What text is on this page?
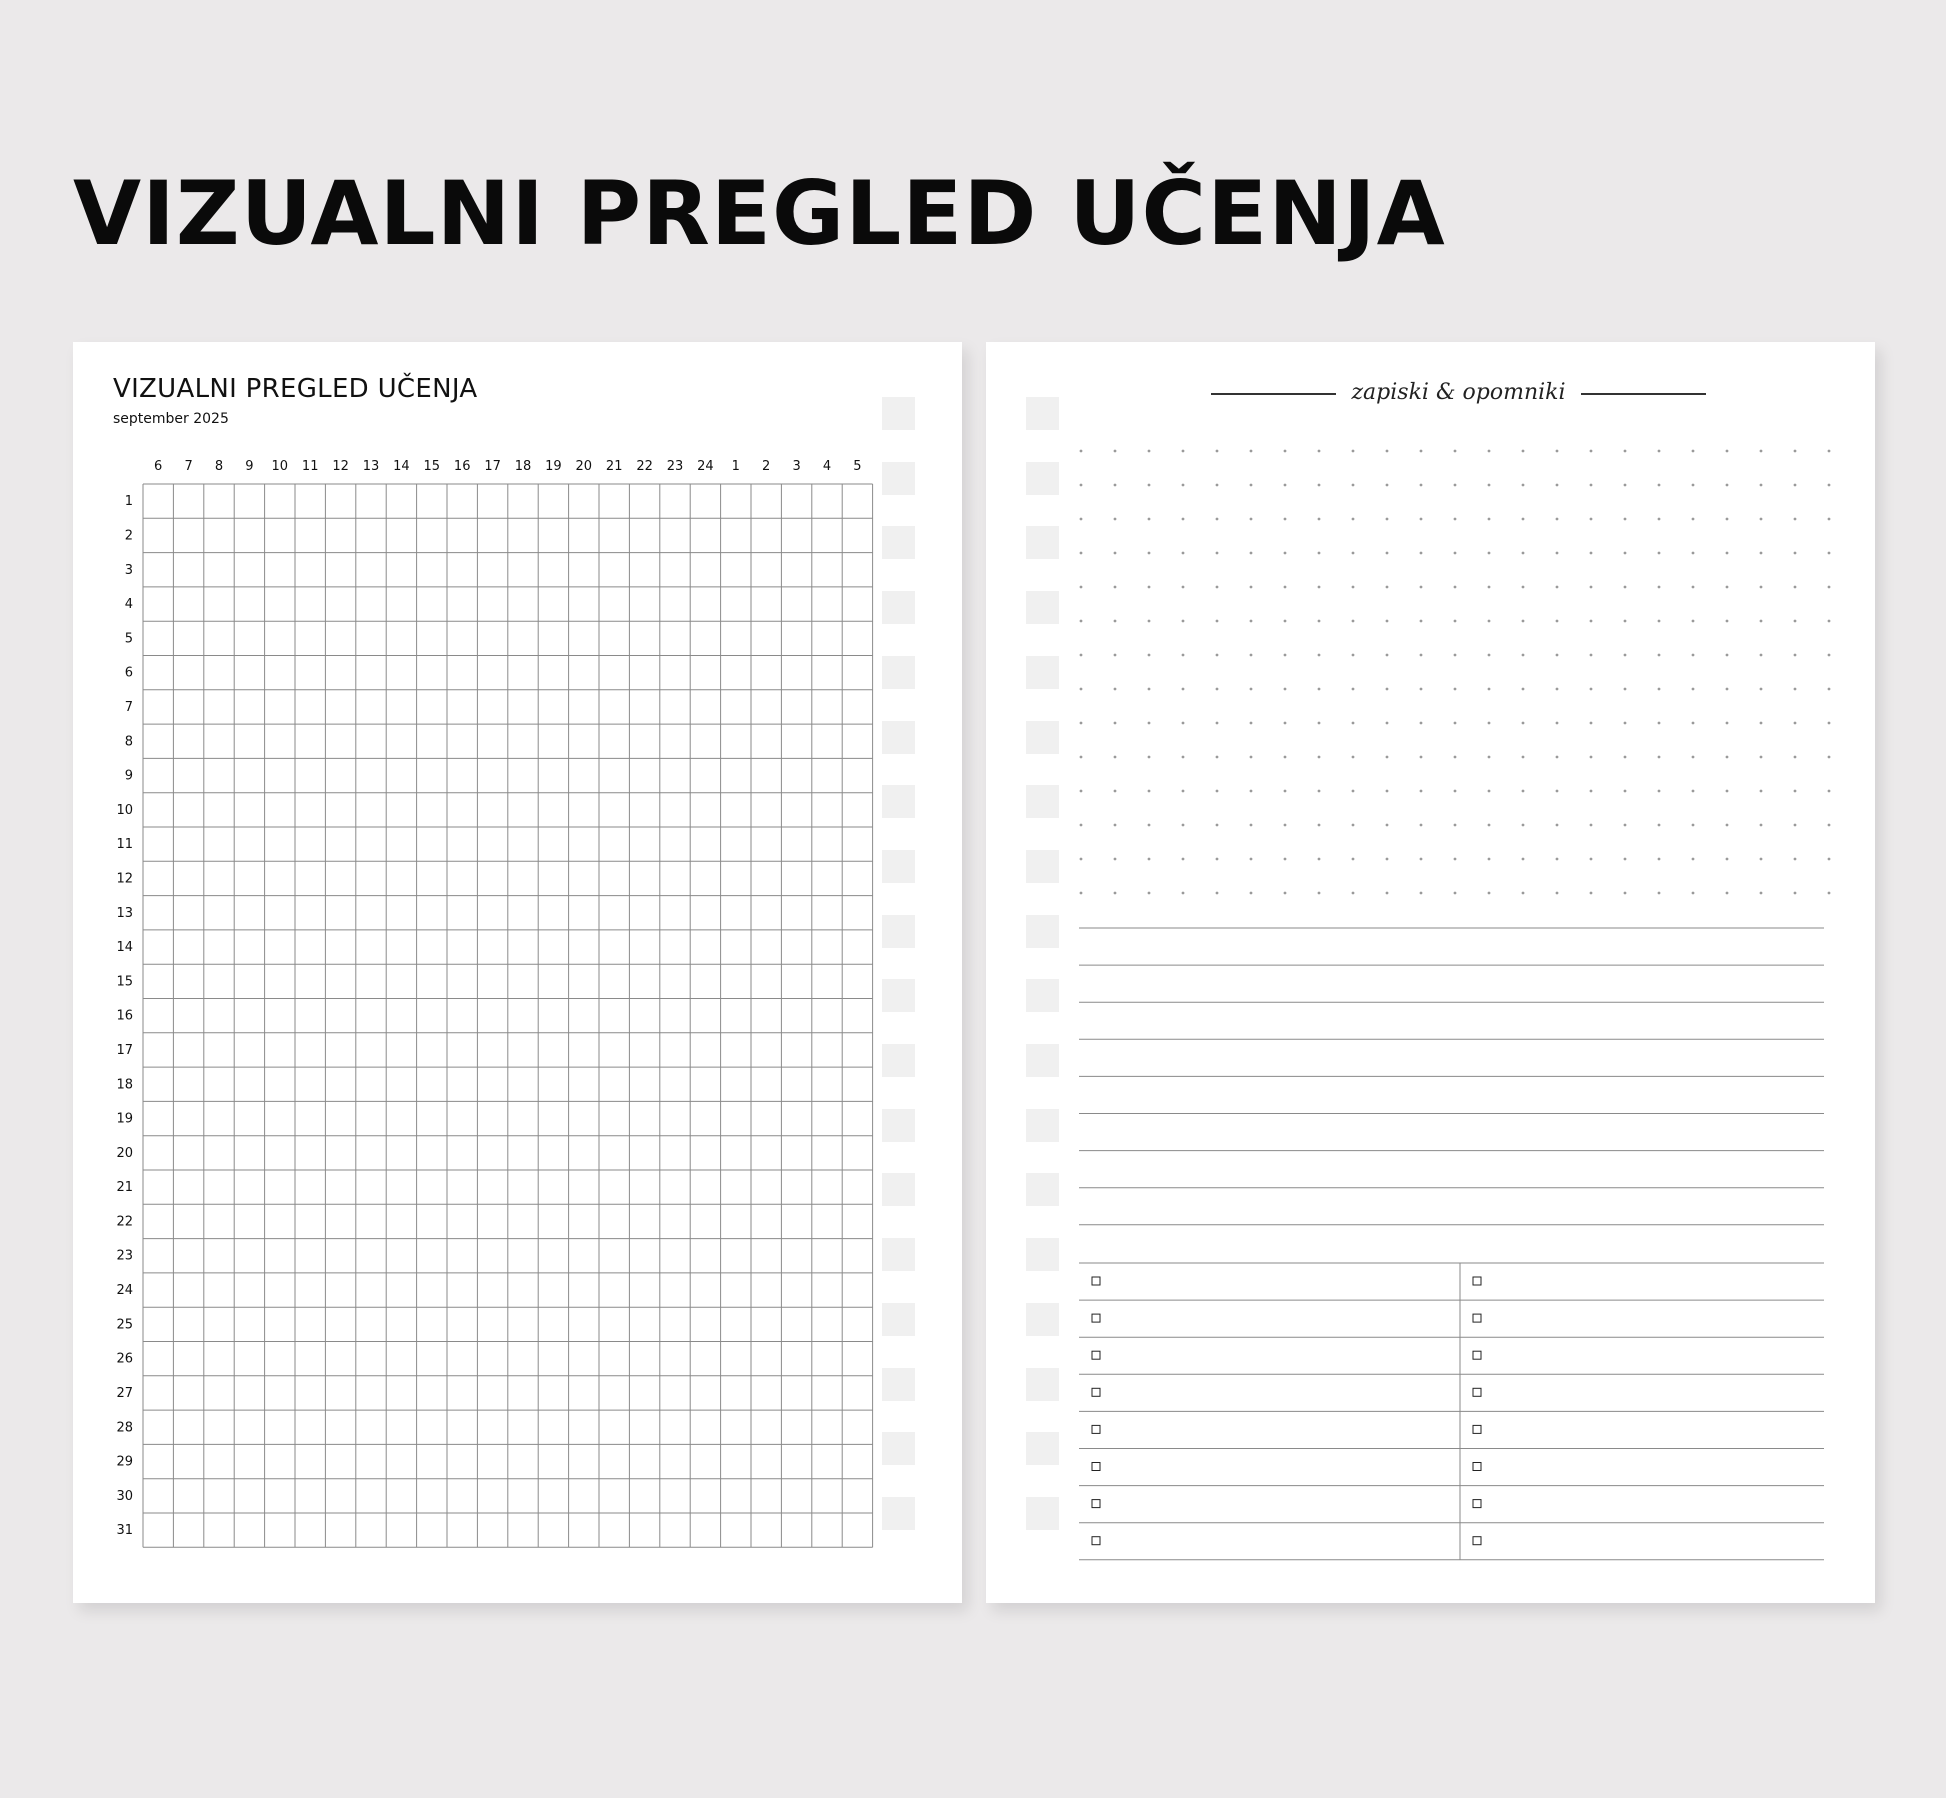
VIZUALNI PREGLED UČENJA
VIZUALNI PREGLED UČENJA
september 2025
6 7 8 9 10 11 12 13 14 15 16 17 18 19 20 21 22 23 24 1 2 3 4 5
1
2
3
4
5
6
7
8
9
10
11
12
13
14
15
16
17
18
19
20
21
22
23
24
25
26
27
28
29
30
31
zapiski & opomniki
